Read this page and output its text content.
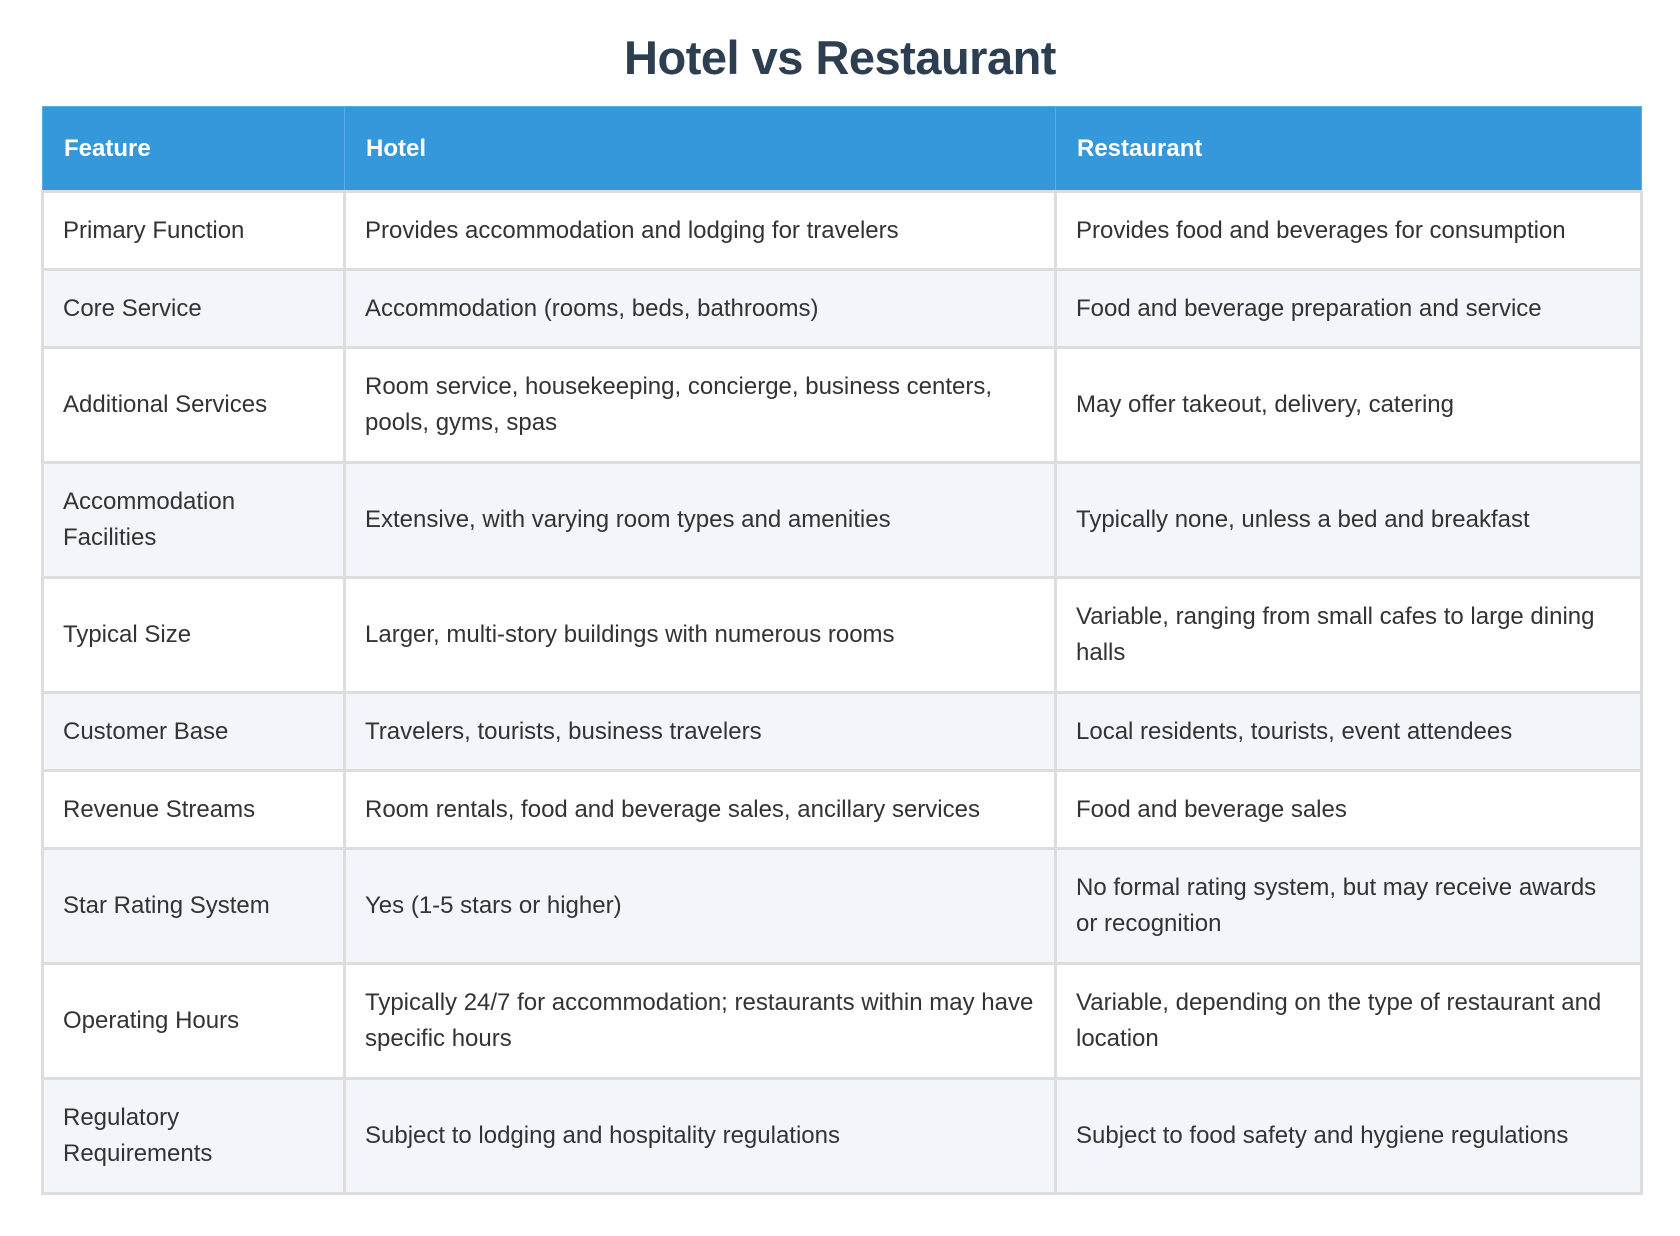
Hotel vs Restaurant
Feature	Hotel	Restaurant
Primary Function	Provides accommodation and lodging for travelers	Provides food and beverages for consumption
Core Service	Accommodation (rooms, beds, bathrooms)	Food and beverage preparation and service
Additional Services	Room service, housekeeping, concierge, business centers, pools, gyms, spas	May offer takeout, delivery, catering
Accommodation Facilities	Extensive, with varying room types and amenities	Typically none, unless a bed and breakfast
Typical Size	Larger, multi-story buildings with numerous rooms	Variable, ranging from small cafes to large dining halls
Customer Base	Travelers, tourists, business travelers	Local residents, tourists, event attendees
Revenue Streams	Room rentals, food and beverage sales, ancillary services	Food and beverage sales
Star Rating System	Yes (1-5 stars or higher)	No formal rating system, but may receive awards or recognition
Operating Hours	Typically 24/7 for accommodation; restaurants within may have specific hours	Variable, depending on the type of restaurant and location
Regulatory Requirements	Subject to lodging and hospitality regulations	Subject to food safety and hygiene regulations
